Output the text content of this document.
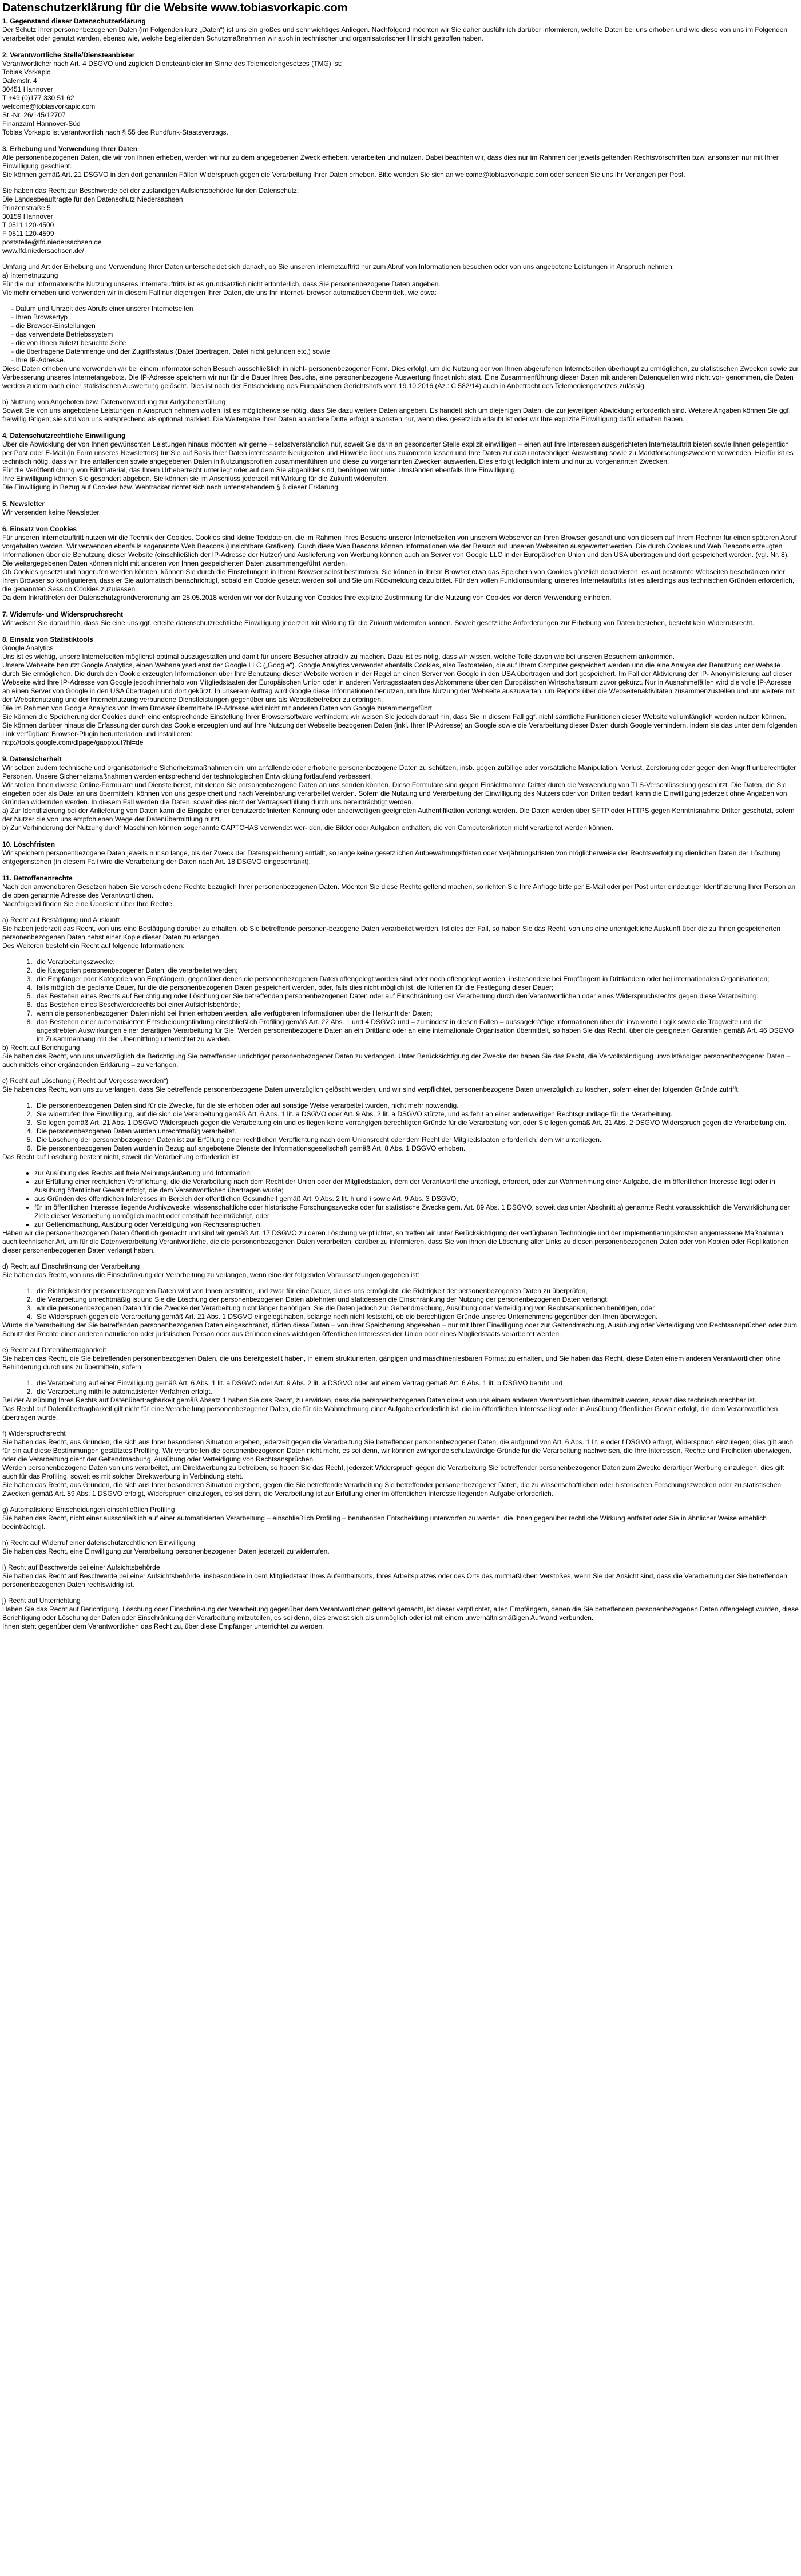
Datenschutzerklärung für die Website www.tobiasvorkapic.com
1. Gegenstand dieser Datenschutzerklärung
Der Schutz Ihrer personenbezogenen Daten (im Folgenden kurz „Daten“) ist uns ein großes und sehr wichtiges Anliegen. Nachfolgend möchten wir Sie daher ausführlich darüber informieren, welche Daten bei uns erhoben und wie diese von uns im Folgenden verarbeitet oder genutzt werden, ebenso wie, welche begleitenden Schutzmaßnahmen wir auch in technischer und organisatorischer Hinsicht getroffen haben.
2. Verantwortliche Stelle/Diensteanbieter
Verantwortlicher nach Art. 4 DSGVO und zugleich Diensteanbieter im Sinne des Telemediengesetzes (TMG) ist:
Tobias Vorkapic
Dalemstr. 4
30451 Hannover
T +49 (0)177 330 51 62
welcome@tobiasvorkapic.com
St.-Nr. 26/145/12707
Finanzamt Hannover-Süd
Tobias Vorkapic ist verantwortlich nach § 55 des Rundfunk-Staatsvertrags.
3. Erhebung und Verwendung Ihrer Daten
Alle personenbezogenen Daten, die wir von Ihnen erheben, werden wir nur zu dem angegebenen Zweck erheben, verarbeiten und nutzen. Dabei beachten wir, dass dies nur im Rahmen der jeweils geltenden Rechtsvorschriften bzw. ansonsten nur mit Ihrer Einwilligung geschieht.
Sie können gemäß Art. 21 DSGVO in den dort genannten Fällen Widerspruch gegen die Verarbeitung Ihrer Daten erheben. Bitte wenden Sie sich an welcome@tobiasvorkapic.com oder senden Sie uns Ihr Verlangen per Post.
Sie haben das Recht zur Beschwerde bei der zuständigen Aufsichtsbehörde für den Datenschutz:
Die Landesbeauftragte für den Datenschutz Niedersachsen
Prinzenstraße 5
30159 Hannover
T 0511 120-4500
F 0511 120-4599
poststelle@lfd.niedersachsen.de
www.lfd.niedersachsen.de/
Umfang und Art der Erhebung und Verwendung Ihrer Daten unterscheidet sich danach, ob Sie unseren Internetauftritt nur zum Abruf von Informationen besuchen oder von uns angebotene Leistungen in Anspruch nehmen:
a) Internetnutzung
Für die nur informatorische Nutzung unseres Internetauftritts ist es grundsätzlich nicht erforderlich, dass Sie personenbezogene Daten angeben.
Vielmehr erheben und verwenden wir in diesem Fall nur diejenigen Ihrer Daten, die uns Ihr Internet- browser automatisch übermittelt, wie etwa:
- Datum und Uhrzeit des Abrufs einer unserer Internetseiten
- Ihren Browsertyp
- die Browser-Einstellungen
- das verwendete Betriebssystem
- die von Ihnen zuletzt besuchte Seite
- die übertragene Datenmenge und der Zugriffsstatus (Datei übertragen, Datei nicht gefunden etc.) sowie
- Ihre IP-Adresse.
Diese Daten erheben und verwenden wir bei einem informatorischen Besuch ausschließlich in nicht- personenbezogener Form. Dies erfolgt, um die Nutzung der von Ihnen abgerufenen Internetseiten überhaupt zu ermöglichen, zu statistischen Zwecken sowie zur Verbesserung unseres Internetangebots. Die IP-Adresse speichern wir nur für die Dauer Ihres Besuchs, eine personenbezogene Auswertung findet nicht statt. Eine Zusammenführung dieser Daten mit anderen Datenquellen wird nicht vor- genommen, die Daten werden zudem nach einer statistischen Auswertung gelöscht. Dies ist nach der Entscheidung des Europäischen Gerichtshofs vom 19.10.2016 (Az.: C 582/14) auch in Anbetracht des Telemediengesetzes zulässig.
b) Nutzung von Angeboten bzw. Datenverwendung zur Aufgabenerfüllung
Soweit Sie von uns angebotene Leistungen in Anspruch nehmen wollen, ist es möglicherweise nötig, dass Sie dazu weitere Daten angeben. Es handelt sich um diejenigen Daten, die zur jeweiligen Abwicklung erforderlich sind. Weitere Angaben können Sie ggf. freiwillig tätigen; sie sind von uns entsprechend als optional markiert. Die Weitergabe Ihrer Daten an andere Dritte erfolgt ansonsten nur, wenn dies gesetzlich erlaubt ist oder wir Ihre explizite Einwilligung dafür erhalten haben.
4. Datenschutzrechtliche Einwilligung
Über die Abwicklung der von Ihnen gewünschten Leistungen hinaus möchten wir gerne – selbstverständlich nur, soweit Sie darin an gesonderter Stelle explizit einwilligen – einen auf Ihre Interessen ausgerichteten Internetauftritt bieten sowie Ihnen gelegentlich per Post oder E-Mail (in Form unseres Newsletters) für Sie auf Basis Ihrer Daten interessante Neuigkeiten und Hinweise über uns zukommen lassen und Ihre Daten zur dazu notwendigen Auswertung sowie zu Marktforschungszwecken verwenden. Hierfür ist es technisch nötig, dass wir Ihre anfallenden sowie angegebenen Daten in Nutzungsprofilen zusammenführen und diese zu vorgenannten Zwecken auswerten. Dies erfolgt lediglich intern und nur zu vorgenannten Zwecken.
Für die Veröffentlichung von Bildmaterial, das Ihrem Urheberrecht unterliegt oder auf dem Sie abgebildet sind, benötigen wir unter Umständen ebenfalls Ihre Einwilligung.
Ihre Einwilligung können Sie gesondert abgeben. Sie können sie im Anschluss jederzeit mit Wirkung für die Zukunft widerrufen.
Die Einwilligung in Bezug auf Cookies bzw. Webtracker richtet sich nach untenstehendem § 6 dieser Erklärung.
5. Newsletter
Wir versenden keine Newsletter.
6. Einsatz von Cookies
Für unseren Internetauftritt nutzen wir die Technik der Cookies. Cookies sind kleine Textdateien, die im Rahmen Ihres Besuchs unserer Internetseiten von unserem Webserver an Ihren Browser gesandt und von diesem auf Ihrem Rechner für einen späteren Abruf vorgehalten werden. Wir verwenden ebenfalls sogenannte Web Beacons (unsichtbare Grafiken). Durch diese Web Beacons können Informationen wie der Besuch auf unseren Webseiten ausgewertet werden. Die durch Cookies und Web Beacons erzeugten Informationen über die Benutzung dieser Website (einschließlich der IP-Adresse der Nutzer) und Auslieferung von Werbung können auch an Server von Google LLC in der Europäischen Union und den USA übertragen und dort gespeichert werden. (vgl. Nr. 8). Die weitergegebenen Daten können nicht mit anderen von Ihnen gespeicherten Daten zusammengeführt werden.
Ob Cookies gesetzt und abgerufen werden können, können Sie durch die Einstellungen in Ihrem Browser selbst bestimmen. Sie können in Ihrem Browser etwa das Speichern von Cookies gänzlich deaktivieren, es auf bestimmte Webseiten beschränken oder Ihren Browser so konfigurieren, dass er Sie automatisch benachrichtigt, sobald ein Cookie gesetzt werden soll und Sie um Rückmeldung dazu bittet. Für den vollen Funktionsumfang unseres Internetauftritts ist es allerdings aus technischen Gründen erforderlich, die genannten Session Cookies zuzulassen.
Da dem Inkrafttreten der Datenschutzgrundverordnung am 25.05.2018 werden wir vor der Nutzung von Cookies Ihre explizite Zustimmung für die Nutzung von Cookies vor deren Verwendung einholen.
7. Widerrufs- und Widerspruchsrecht
Wir weisen Sie darauf hin, dass Sie eine uns ggf. erteilte datenschutzrechtliche Einwilligung jederzeit mit Wirkung für die Zukunft widerrufen können. Soweit gesetzliche Anforderungen zur Erhebung von Daten bestehen, besteht kein Widerrufsrecht.
8. Einsatz von Statistiktools
Google Analytics
Uns ist es wichtig, unsere Internetseiten möglichst optimal auszugestalten und damit für unsere Besucher attraktiv zu machen. Dazu ist es nötig, dass wir wissen, welche Teile davon wie bei unseren Besuchern ankommen.
Unsere Webseite benutzt Google Analytics, einen Webanalysedienst der Google LLC („Google“). Google Analytics verwendet ebenfalls Cookies, also Textdateien, die auf Ihrem Computer gespeichert werden und die eine Analyse der Benutzung der Website durch Sie ermöglichen. Die durch den Cookie erzeugten Informationen über Ihre Benutzung dieser Website werden in der Regel an einen Server von Google in den USA übertragen und dort gespeichert. Im Fall der Aktivierung der IP- Anonymisierung auf dieser Webseite wird Ihre IP-Adresse von Google jedoch innerhalb von Mitgliedstaaten der Europäischen Union oder in anderen Vertragsstaaten des Abkommens über den Europäischen Wirtschaftsraum zuvor gekürzt. Nur in Ausnahmefällen wird die volle IP-Adresse an einen Server von Google in den USA übertragen und dort gekürzt. In unserem Auftrag wird Google diese Informationen benutzen, um Ihre Nutzung der Webseite auszuwerten, um Reports über die Webseitenaktivitäten zusammenzustellen und um weitere mit der Websitenutzung und der Internetnutzung verbundene Dienstleistungen gegenüber uns als Websitebetreiber zu erbringen.
Die im Rahmen von Google Analytics von Ihrem Browser übermittelte IP-Adresse wird nicht mit anderen Daten von Google zusammengeführt.
Sie können die Speicherung der Cookies durch eine entsprechende Einstellung Ihrer Browsersoftware verhindern; wir weisen Sie jedoch darauf hin, dass Sie in diesem Fall ggf. nicht sämtliche Funktionen dieser Website vollumfänglich werden nutzen können.
Sie können darüber hinaus die Erfassung der durch das Cookie erzeugten und auf Ihre Nutzung der Webseite bezogenen Daten (inkl. Ihrer IP-Adresse) an Google sowie die Verarbeitung dieser Daten durch Google verhindern, indem sie das unter dem folgenden Link verfügbare Browser-Plugin herunterladen und installieren:
http://tools.google.com/dlpage/gaoptout?hl=de
9. Datensicherheit
Wir setzen zudem technische und organisatorische Sicherheitsmaßnahmen ein, um anfallende oder erhobene personenbezogene Daten zu schützen, insb. gegen zufällige oder vorsätzliche Manipulation, Verlust, Zerstörung oder gegen den Angriff unberechtigter Personen. Unsere Sicherheitsmaßnahmen werden entsprechend der technologischen Entwicklung fortlaufend verbessert.
Wir stellen Ihnen diverse Online-Formulare und Dienste bereit, mit denen Sie personenbezogene Daten an uns senden können. Diese Formulare sind gegen Einsichtnahme Dritter durch die Verwendung von TLS-Verschlüsselung geschützt. Die Daten, die Sie eingeben oder als Datei an uns übermitteln, können von uns gespeichert und nach Vereinbarung verarbeitet werden. Sofern die Nutzung und Verarbeitung der Einwilligung des Nutzers oder von Dritten bedarf, kann die Einwilligung jederzeit ohne Angaben von Gründen widerrufen werden. In diesem Fall werden die Daten, soweit dies nicht der Vertragserfüllung durch uns bereinträchtigt werden.
a) Zur Identifizierung bei der Anlieferung von Daten kann die Eingabe einer benutzerdefinierten Kennung oder anderweitigen geeigneten Authentifikation verlangt werden. Die Daten werden über SFTP oder HTTPS gegen Kenntnisnahme Dritter geschützt, sofern der Nutzer die von uns empfohlenen Wege der Datenübermittlung nutzt.
b) Zur Verhinderung der Nutzung durch Maschinen können sogenannte CAPTCHAS verwendet wer- den, die Bilder oder Aufgaben enthalten, die von Computerskripten nicht verarbeitet werden können.
10. Löschfristen
Wir speichern personenbezogene Daten jeweils nur so lange, bis der Zweck der Datenspeicherung entfällt, so lange keine gesetzlichen Aufbewahrungsfristen oder Verjährungsfristen von möglicherweise der Rechtsverfolgung dienlichen Daten der Löschung entgegenstehen (in diesem Fall wird die Verarbeitung der Daten nach Art. 18 DSGVO eingeschränkt).
11. Betroffenenrechte
Nach den anwendbaren Gesetzen haben Sie verschiedene Rechte bezüglich Ihrer personenbezogenen Daten. Möchten Sie diese Rechte geltend machen, so richten Sie Ihre Anfrage bitte per E-Mail oder per Post unter eindeutiger Identifizierung Ihrer Person an die oben genannte Adresse des Verantwortlichen.
Nachfolgend finden Sie eine Übersicht über Ihre Rechte.
a) Recht auf Bestätigung und Auskunft
Sie haben jederzeit das Recht, von uns eine Bestätigung darüber zu erhalten, ob Sie betreffende personen-bezogene Daten verarbeitet werden. Ist dies der Fall, so haben Sie das Recht, von uns eine unentgeltliche Auskunft über die zu Ihnen gespeicherten personenbezogenen Daten nebst einer Kopie dieser Daten zu erlangen.
Des Weiteren besteht ein Recht auf folgende Informationen:
1. die Verarbeitungszwecke;
2. die Kategorien personenbezogener Daten, die verarbeitet werden;
3. die Empfänger oder Kategorien von Empfängern, gegenüber denen die personenbezogenen Daten offengelegt worden sind oder noch offengelegt werden, insbesondere bei Empfängern in Drittländern oder bei internationalen Organisationen;
4. falls möglich die geplante Dauer, für die die personenbezogenen Daten gespeichert werden, oder, falls dies nicht möglich ist, die Kriterien für die Festlegung dieser Dauer;
5. das Bestehen eines Rechts auf Berichtigung oder Löschung der Sie betreffenden personenbezogenen Daten oder auf Einschränkung der Verarbeitung durch den Verantwortlichen oder eines Widerspruchsrechts gegen diese Verarbeitung;
6. das Bestehen eines Beschwerderechts bei einer Aufsichtsbehörde;
7. wenn die personenbezogenen Daten nicht bei Ihnen erhoben werden, alle verfügbaren Informationen über die Herkunft der Daten;
8. das Bestehen einer automatisierten Entscheidungsfindung einschließlich Profiling gemäß Art. 22 Abs. 1 und 4 DSGVO und – zumindest in diesen Fällen – aussagekräftige Informationen über die involvierte Logik sowie die Tragweite und die angestrebten Auswirkungen einer derartigen Verarbeitung für Sie. Werden personenbezogene Daten an ein Drittland oder an eine internationale Organisation übermittelt, so haben Sie das Recht, über die geeigneten Garantien gemäß Art. 46 DSGVO im Zusammenhang mit der Übermittlung unterrichtet zu werden.
b) Recht auf Berichtigung
Sie haben das Recht, von uns unverzüglich die Berichtigung Sie betreffender unrichtiger personenbezogener Daten zu verlangen. Unter Berücksichtigung der Zwecke der haben Sie das Recht, die Vervollständigung unvollständiger personenbezogener Daten – auch mittels einer ergänzenden Erklärung – zu verlangen.
c) Recht auf Löschung („Recht auf Vergessenwerden“)
Sie haben das Recht, von uns zu verlangen, dass Sie betreffende personenbezogene Daten unverzüglich gelöscht werden, und wir sind verpflichtet, personenbezogene Daten unverzüglich zu löschen, sofern einer der folgenden Gründe zutrifft:
1. Die personenbezogenen Daten sind für die Zwecke, für die sie erhoben oder auf sonstige Weise verarbeitet wurden, nicht mehr notwendig.
2. Sie widerrufen Ihre Einwilligung, auf die sich die Verarbeitung gemäß Art. 6 Abs. 1 lit. a DSGVO oder Art. 9 Abs. 2 lit. a DSGVO stützte, und es fehlt an einer anderweitigen Rechtsgrundlage für die Verarbeitung.
3. Sie legen gemäß Art. 21 Abs. 1 DSGVO Widerspruch gegen die Verarbeitung ein und es liegen keine vorrangigen berechtigten Gründe für die Verarbeitung vor, oder Sie legen gemäß Art. 21 Abs. 2 DSGVO Widerspruch gegen die Verarbeitung ein.
4. Die personenbezogenen Daten wurden unrechtmäßig verarbeitet.
5. Die Löschung der personenbezogenen Daten ist zur Erfüllung einer rechtlichen Verpflichtung nach dem Unionsrecht oder dem Recht der Mitgliedstaaten erforderlich, dem wir unterliegen.
6. Die personenbezogenen Daten wurden in Bezug auf angebotene Dienste der Informationsgesellschaft gemäß Art. 8 Abs. 1 DSGVO erhoben.
Das Recht auf Löschung besteht nicht, soweit die Verarbeitung erforderlich ist
• zur Ausübung des Rechts auf freie Meinungsäußerung und Information;
• zur Erfüllung einer rechtlichen Verpflichtung, die die Verarbeitung nach dem Recht der Union oder der Mitgliedstaaten, dem der Verantwortliche unterliegt, erfordert, oder zur Wahrnehmung einer Aufgabe, die im öffentlichen Interesse liegt oder in Ausübung öffentlicher Gewalt erfolgt, die dem Verantwortlichen übertragen wurde;
• aus Gründen des öffentlichen Interesses im Bereich der öffentlichen Gesundheit gemäß Art. 9 Abs. 2 lit. h und i sowie Art. 9 Abs. 3 DSGVO;
• für im öffentlichen Interesse liegende Archivzwecke, wissenschaftliche oder historische Forschungszwecke oder für statistische Zwecke gem. Art. 89 Abs. 1 DSGVO, soweit das unter Abschnitt a) genannte Recht voraussichtlich die Verwirklichung der Ziele dieser Verarbeitung unmöglich macht oder ernsthaft beeinträchtigt, oder
• zur Geltendmachung, Ausübung oder Verteidigung von Rechtsansprüchen.
Haben wir die personenbezogenen Daten öffentlich gemacht und sind wir gemäß Art. 17 DSGVO zu deren Löschung verpflichtet, so treffen wir unter Berücksichtigung der verfügbaren Technologie und der Implementierungskosten angemessene Maßnahmen, auch technischer Art, um für die Datenverarbeitung Verantwortliche, die die personenbezogenen Daten verarbeiten, darüber zu informieren, dass Sie von ihnen die Löschung aller Links zu diesen personenbezogenen Daten oder von Kopien oder Replikationen dieser personenbezogenen Daten verlangt haben.
d) Recht auf Einschränkung der Verarbeitung
Sie haben das Recht, von uns die Einschränkung der Verarbeitung zu verlangen, wenn eine der folgenden Voraussetzungen gegeben ist:
1. die Richtigkeit der personenbezogenen Daten wird von Ihnen bestritten, und zwar für eine Dauer, die es uns ermöglicht, die Richtigkeit der personenbezogenen Daten zu überprüfen,
2. die Verarbeitung unrechtmäßig ist und Sie die Löschung der personenbezogenen Daten ablehnten und stattdessen die Einschränkung der Nutzung der personenbezogenen Daten verlangt;
3. wir die personenbezogenen Daten für die Zwecke der Verarbeitung nicht länger benötigen, Sie die Daten jedoch zur Geltendmachung, Ausübung oder Verteidigung von Rechtsansprüchen benötigen, oder
4. Sie Widerspruch gegen die Verarbeitung gemäß Art. 21 Abs. 1 DSGVO eingelegt haben, solange noch nicht feststeht, ob die berechtigten Gründe unseres Unternehmens gegenüber den Ihren überwiegen.
Wurde die Verarbeitung der Sie betreffenden personenbezogenen Daten eingeschränkt, dürfen diese Daten – von ihrer Speicherung abgesehen – nur mit Ihrer Einwilligung oder zur Geltendmachung, Ausübung oder Verteidigung von Rechtsansprüchen oder zum Schutz der Rechte einer anderen natürlichen oder juristischen Person oder aus Gründen eines wichtigen öffentlichen Interesses der Union oder eines Mitgliedstaats verarbeitet werden.
e) Recht auf Datenübertragbarkeit
Sie haben das Recht, die Sie betreffenden personenbezogenen Daten, die uns bereitgestellt haben, in einem strukturierten, gängigen und maschinenlesbaren Format zu erhalten, und Sie haben das Recht, diese Daten einem anderen Verantwortlichen ohne Behinderung durch uns zu übermitteln, sofern
1. die Verarbeitung auf einer Einwilligung gemäß Art. 6 Abs. 1 lit. a DSGVO oder Art. 9 Abs. 2 lit. a DSGVO oder auf einem Vertrag gemäß Art. 6 Abs. 1 lit. b DSGVO beruht und
2. die Verarbeitung mithilfe automatisierter Verfahren erfolgt.
Bei der Ausübung Ihres Rechts auf Datenübertragbarkeit gemäß Absatz 1 haben Sie das Recht, zu erwirken, dass die personenbezogenen Daten direkt von uns einem anderen Verantwortlichen übermittelt werden, soweit dies technisch machbar ist.
Das Recht auf Datenübertragbarkeit gilt nicht für eine Verarbeitung personenbezogener Daten, die für die Wahrnehmung einer Aufgabe erforderlich ist, die im öffentlichen Interesse liegt oder in Ausübung öffentlicher Gewalt erfolgt, die dem Verantwortlichen übertragen wurde.
f) Widerspruchsrecht
Sie haben das Recht, aus Gründen, die sich aus Ihrer besonderen Situation ergeben, jederzeit gegen die Verarbeitung Sie betreffender personenbezogener Daten, die aufgrund von Art. 6 Abs. 1 lit. e oder f DSGVO erfolgt, Widerspruch einzulegen; dies gilt auch für ein auf diese Bestimmungen gestütztes Profiling. Wir verarbeiten die personenbezogenen Daten nicht mehr, es sei denn, wir können zwingende schutzwürdige Gründe für die Verarbeitung nachweisen, die Ihre Interessen, Rechte und Freiheiten überwiegen, oder die Verarbeitung dient der Geltendmachung, Ausübung oder Verteidigung von Rechtsansprüchen.
Werden personenbezogene Daten von uns verarbeitet, um Direktwerbung zu betreiben, so haben Sie das Recht, jederzeit Widerspruch gegen die Verarbeitung Sie betreffender personenbezogener Daten zum Zwecke derartiger Werbung einzulegen; dies gilt auch für das Profiling, soweit es mit solcher Direktwerbung in Verbindung steht.
Sie haben das Recht, aus Gründen, die sich aus Ihrer besonderen Situation ergeben, gegen die Sie betreffende Verarbeitung Sie betreffender personenbezogener Daten, die zu wissenschaftlichen oder historischen Forschungszwecken oder zu statistischen Zwecken gemäß Art. 89 Abs. 1 DSGVO erfolgt, Widerspruch einzulegen, es sei denn, die Verarbeitung ist zur Erfüllung einer im öffentlichen Interesse liegenden Aufgabe erforderlich.
g) Automatisierte Entscheidungen einschließlich Profiling
Sie haben das Recht, nicht einer ausschließlich auf einer automatisierten Verarbeitung – einschließlich Profiling – beruhenden Entscheidung unterworfen zu werden, die Ihnen gegenüber rechtliche Wirkung entfaltet oder Sie in ähnlicher Weise erheblich beeinträchtigt.
h) Recht auf Widerruf einer datenschutzrechtlichen Einwilligung
Sie haben das Recht, eine Einwilligung zur Verarbeitung personenbezogener Daten jederzeit zu widerrufen.
i) Recht auf Beschwerde bei einer Aufsichtsbehörde
Sie haben das Recht auf Beschwerde bei einer Aufsichtsbehörde, insbesondere in dem Mitgliedstaat Ihres Aufenthaltsorts, Ihres Arbeitsplatzes oder des Orts des mutmaßlichen Verstoßes, wenn Sie der Ansicht sind, dass die Verarbeitung der Sie betreffenden personenbezogenen Daten rechtswidrig ist.
j) Recht auf Unterrichtung
Haben Sie das Recht auf Berichtigung, Löschung oder Einschränkung der Verarbeitung gegenüber dem Verantwortlichen geltend gemacht, ist dieser verpflichtet, allen Empfängern, denen die Sie betreffenden personenbezogenen Daten offengelegt wurden, diese Berichtigung oder Löschung der Daten oder Einschränkung der Verarbeitung mitzuteilen, es sei denn, dies erweist sich als unmöglich oder ist mit einem unverhältnismäßigen Aufwand verbunden.
Ihnen steht gegenüber dem Verantwortlichen das Recht zu, über diese Empfänger unterrichtet zu werden.
